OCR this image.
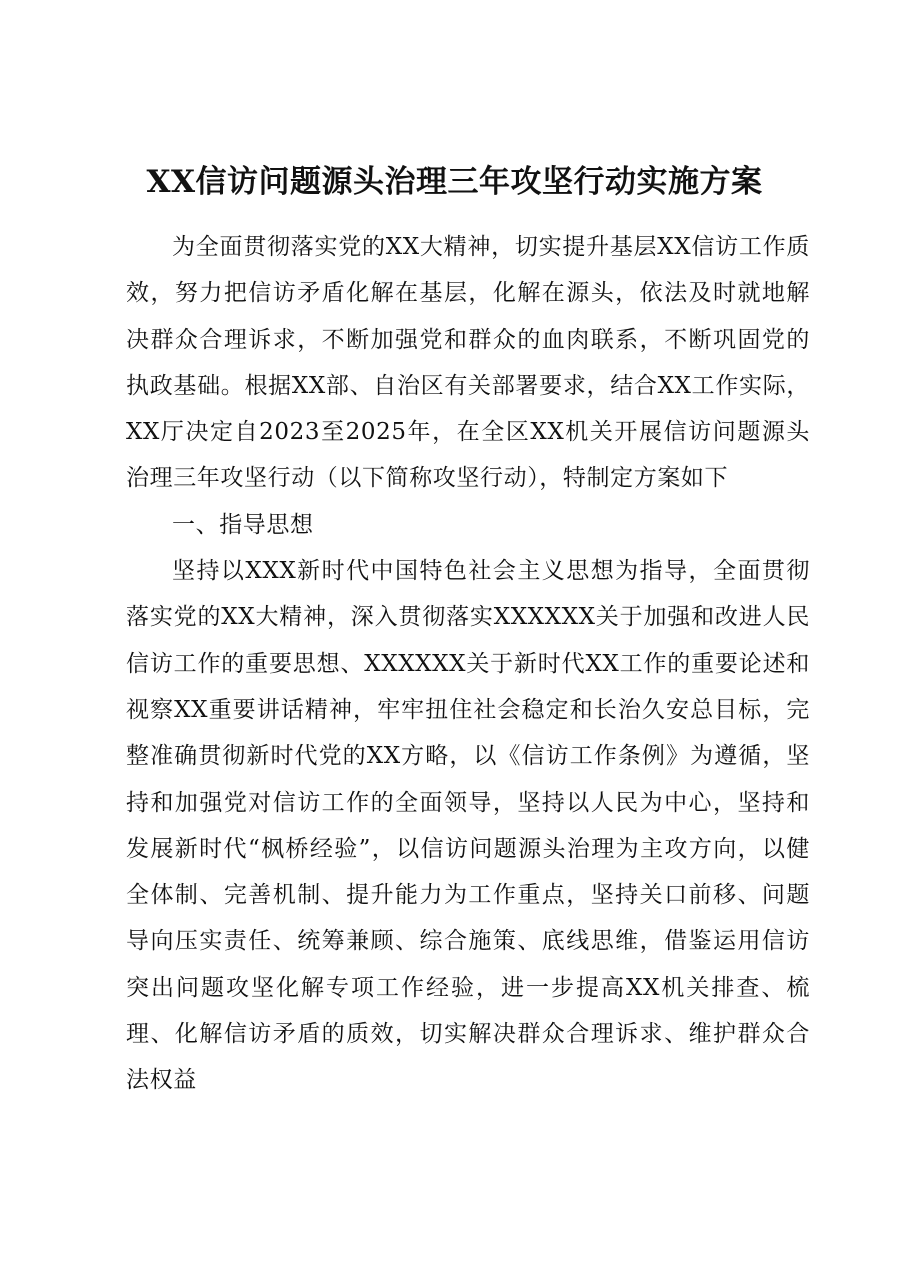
XX信访问题源头治理三年攻坚行动实施方案

为全面贯彻落实党的XX大精神，切实提升基层XX信访工作质效，努力把信访矛盾化解在基层，化解在源头，依法及时就地解决群众合理诉求，不断加强党和群众的血肉联系，不断巩固党的执政基础。根据XX部、自治区有关部署要求，结合XX工作实际，XX厅决定自2023至2025年，在全区XX机关开展信访问题源头治理三年攻坚行动（以下简称攻坚行动），特制定方案如下

一、指导思想

坚持以XXX新时代中国特色社会主义思想为指导，全面贯彻落实党的XX大精神，深入贯彻落实XXXXXX关于加强和改进人民信访工作的重要思想、XXXXXX关于新时代XX工作的重要论述和视察XX重要讲话精神，牢牢扭住社会稳定和长治久安总目标，完整准确贯彻新时代党的XX方略，以《信访工作条例》为遵循，坚持和加强党对信访工作的全面领导，坚持以人民为中心，坚持和发展新时代“枫桥经验”，以信访问题源头治理为主攻方向，以健全体制、完善机制、提升能力为工作重点，坚持关口前移、问题导向压实责任、统筹兼顾、综合施策、底线思维，借鉴运用信访突出问题攻坚化解专项工作经验，进一步提高XX机关排查、梳理、化解信访矛盾的质效，切实解决群众合理诉求、维护群众合法权益
